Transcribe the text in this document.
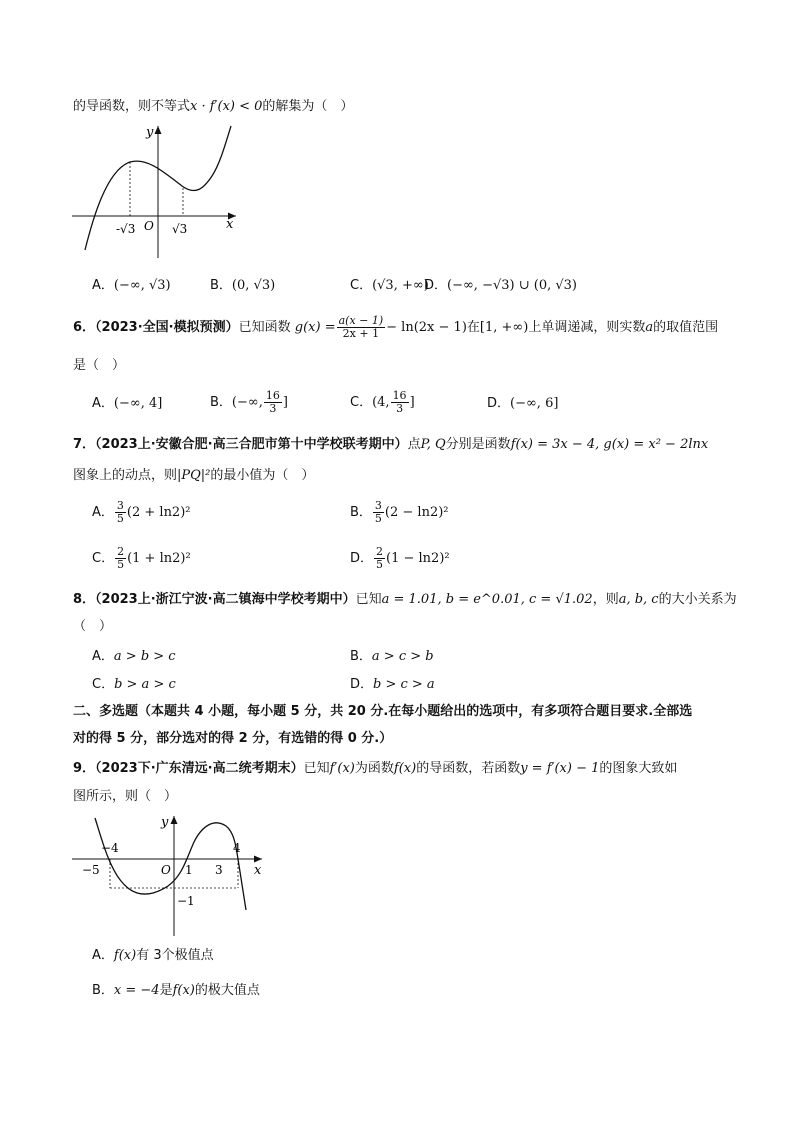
的导函数，则不等式x · f′(x) < 0的解集为（　）
y
x
O
-√3	√3
A．(−∞, √3)	B．(0, √3)	C．(√3, +∞)
D．(−∞, −√3) ∪ (0, √3)
6．（2023·全国·模拟预测）已知函数 $g(x) = \frac{a(x - 1)}{2x + 1} - \ln(2x - 1)$在[1, +∞)上单调递减，则实数a的取值范围
是（　）
A．(−∞, 4]	B．(−∞, $\frac{16}{3}$ ]	C．(4, $\frac{16}{3}$ ]	D．(−∞, 6]
7．（2023上·安徽合肥·高三合肥市第十中学校联考期中）点P, Q分别是函数f(x) = 3x − 4, g(x) = x² − 2lnx
图象上的动点，则|PQ|²的最小值为（　）
A． $\frac{3}{5} (2 + \ln 2)^2$	B． $\frac{3}{5} (2 - \ln 2)^2$
C． $\frac{2}{5} (1 + \ln 2)^2$	D． $\frac{2}{5} (1 - \ln 2)^2$
8．（2023上·浙江宁波·高二镇海中学校考期中）已知a = 1.01, b = e^0.01, c = √1.02，则a, b, c的大小关系为
（　）
A．a > b > c	B．a > c > b
C．b > a > c	D．b > c > a
二、多选题（本题共 4 小题，每小题 5 分，共 20 分.在每小题给出的选项中，有多项符合题目要求.全部选
对的得 5 分，部分选对的得 2 分，有选错的得 0 分.）
9．（2023下·广东清远·高二统考期末）已知f′(x)为函数f(x)的导函数，若函数y = f′(x) − 1的图象大致如
图所示，则（　）
y
x
O
−4
−5	1 3
4
−1
A．f(x)有 3个极值点
B．x = −4是f(x)的极大值点
